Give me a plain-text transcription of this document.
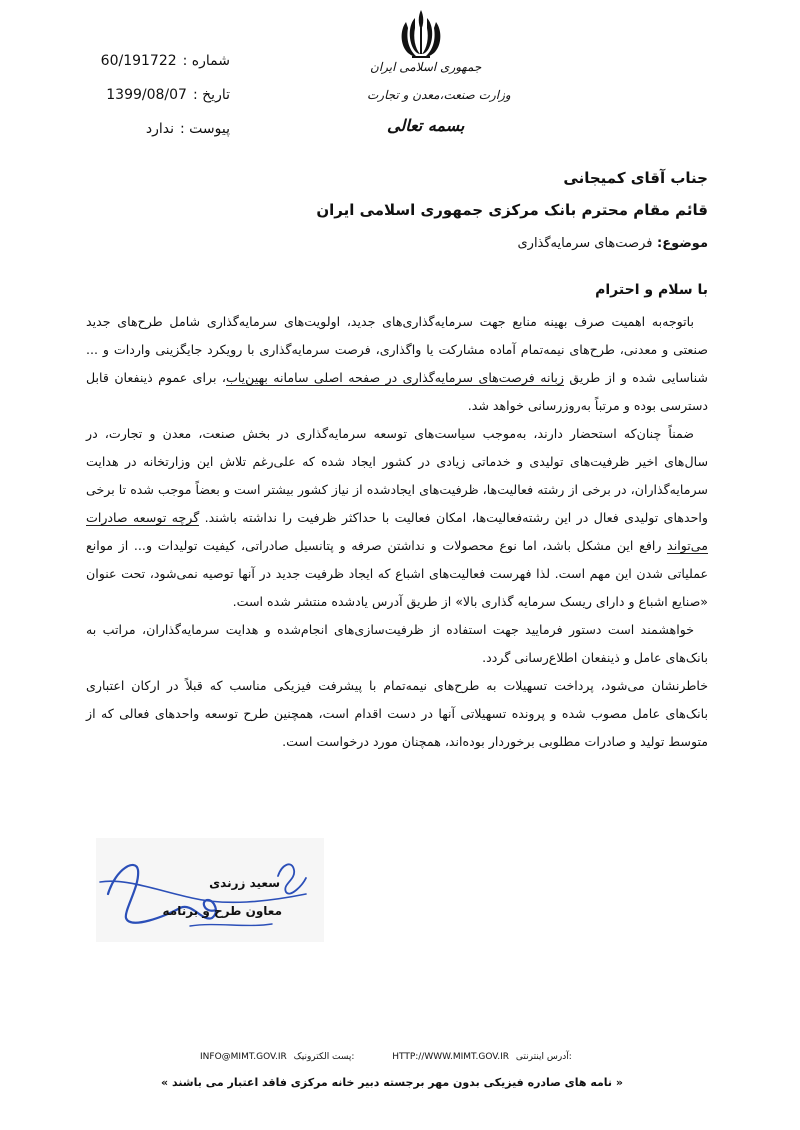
جمهوری اسلامی ایران
وزارت صنعت،معدن و تجارت
بسمه تعالی
شماره :
60/191722
تاریخ :
1399/08/07
پیوست :
ندارد
جناب آقای کمیجانی
قائم مقام محترم بانک مرکزی جمهوری اسلامی ایران
موضوع: فرصت‌های سرمایه‌گذاری
با سلام و احترام

باتوجه‌به اهمیت صرف بهینه منابع جهت سرمایه‌گذاری‌های جدید، اولویت‌های سرمایه‌گذاری شامل طرح‌های جدید صنعتی و معدنی، طرح‌های نیمه‌تمام آماده مشارکت یا واگذاری، فرصت سرمایه‌گذاری با رویکرد جایگزینی واردات و ... شناسایی شده و از طریق زبانه فرصت‌های سرمایه‌گذاری در صفحه اصلی سامانه بهین‌یاب، برای عموم ذینفعان قابل دسترسی بوده و مرتباً به‌روزرسانی خواهد شد.

ضمناً چنان‌که استحضار دارند، به‌موجب سیاست‌های توسعه سرمایه‌گذاری در بخش صنعت، معدن و تجارت، در سال‌های اخیر ظرفیت‌های تولیدی و خدماتی زیادی در کشور ایجاد شده که علی‌رغم تلاش این وزارتخانه در هدایت سرمایه‌گذاران، در برخی از رشته فعالیت‌ها، ظرفیت‌های ایجادشده از نیاز کشور بیشتر است و بعضاً موجب شده تا برخی واحدهای تولیدی فعال در این رشته‌فعالیت‌ها، امکان فعالیت با حداکثر ظرفیت را نداشته باشند. گرچه توسعه صادرات می‌تواند رافع این مشکل باشد، اما نوع محصولات و نداشتن صرفه و پتانسیل صادراتی، کیفیت تولیدات و... از موانع عملیاتی شدن این مهم است. لذا فهرست فعالیت‌های اشباع که ایجاد ظرفیت جدید در آنها توصیه نمی‌شود، تحت عنوان «صنایع اشباع و دارای ریسک سرمایه گذاری بالا» از طریق آدرس یادشده منتشر شده است.

خواهشمند است دستور فرمایید جهت استفاده از ظرفیت‌سازی‌های انجام‌شده و هدایت سرمایه‌گذاران، مراتب به بانک‌های عامل و ذینفعان اطلاع‌رسانی گردد.

خاطرنشان می‌شود، پرداخت تسهیلات به طرح‌های نیمه‌تمام با پیشرفت فیزیکی مناسب که قبلاً در ارکان اعتباری بانک‌های عامل مصوب شده و پرونده تسهیلاتی آنها در دست اقدام است، همچنین طرح توسعه واحدهای فعالی که از متوسط تولید و صادرات مطلوبی برخوردار بوده‌اند، همچنان مورد درخواست است.

سعید زرندی
معاون طرح و برنامه
INFO@MIMT.GOV.IR پست الکترونیک:	HTTP://WWW.MIMT.GOV.IR آدرس اینترنتی:
« نامه های صادره فیزیکی بدون مهر برجسته دبیر خانه مرکزی فاقد اعتبار می باشند »
